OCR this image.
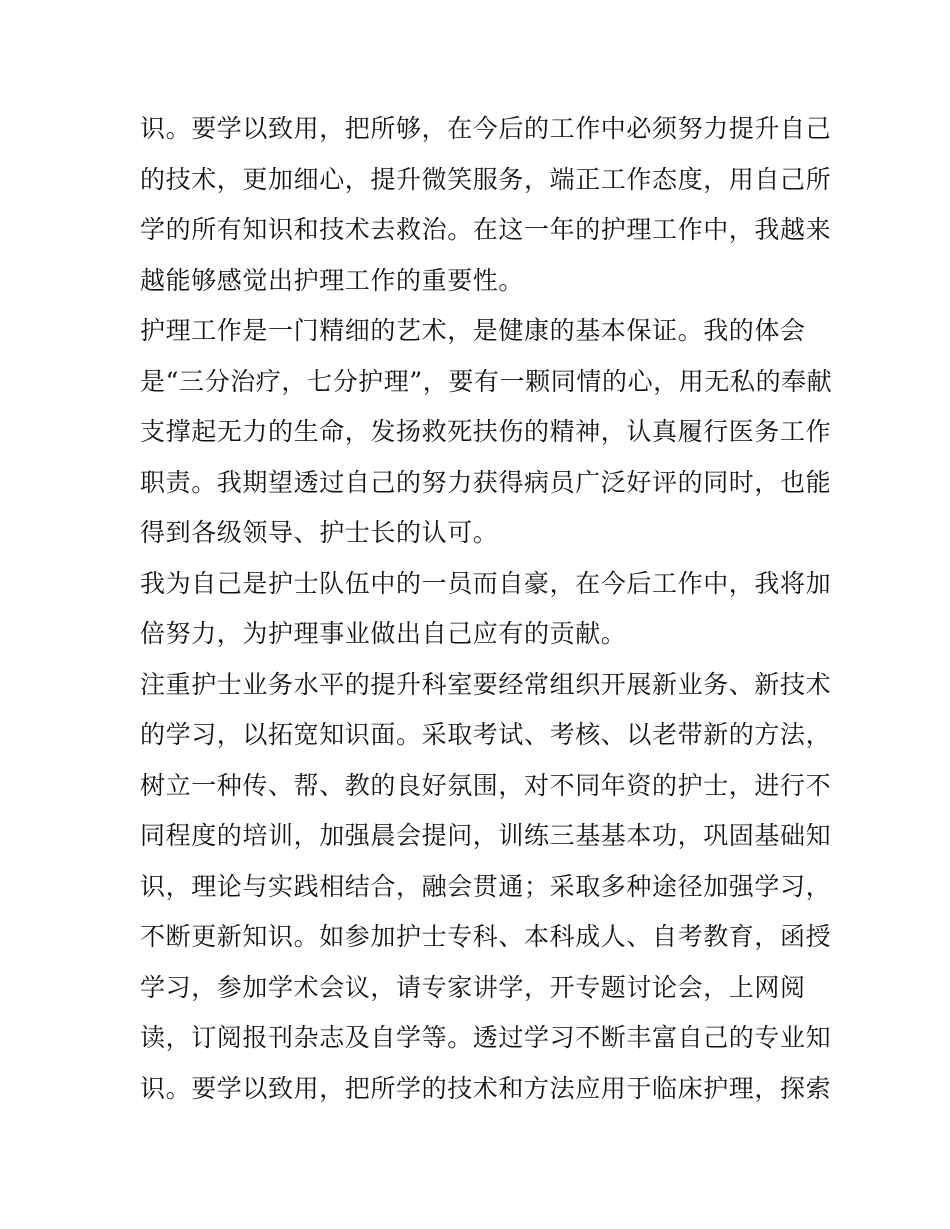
识。要学以致用，把所够，在今后的工作中必须努力提升自己
的技术，更加细心，提升微笑服务，端正工作态度，用自己所
学的所有知识和技术去救治。在这一年的护理工作中，我越来
越能够感觉出护理工作的重要性。
护理工作是一门精细的艺术，是健康的基本保证。我的体会
是“三分治疗，七分护理”，要有一颗同情的心，用无私的奉献
支撑起无力的生命，发扬救死扶伤的精神，认真履行医务工作
职责。我期望透过自己的努力获得病员广泛好评的同时，也能
得到各级领导、护士长的认可。
我为自己是护士队伍中的一员而自豪，在今后工作中，我将加
倍努力，为护理事业做出自己应有的贡献。
注重护士业务水平的提升科室要经常组织开展新业务、新技术
的学习，以拓宽知识面。采取考试、考核、以老带新的方法，
树立一种传、帮、教的良好氛围，对不同年资的护士，进行不
同程度的培训，加强晨会提问，训练三基基本功，巩固基础知
识，理论与实践相结合，融会贯通；采取多种途径加强学习，
不断更新知识。如参加护士专科、本科成人、自考教育，函授
学习，参加学术会议，请专家讲学，开专题讨论会，上网阅
读，订阅报刊杂志及自学等。透过学习不断丰富自己的专业知
识。要学以致用，把所学的技术和方法应用于临床护理，探索
